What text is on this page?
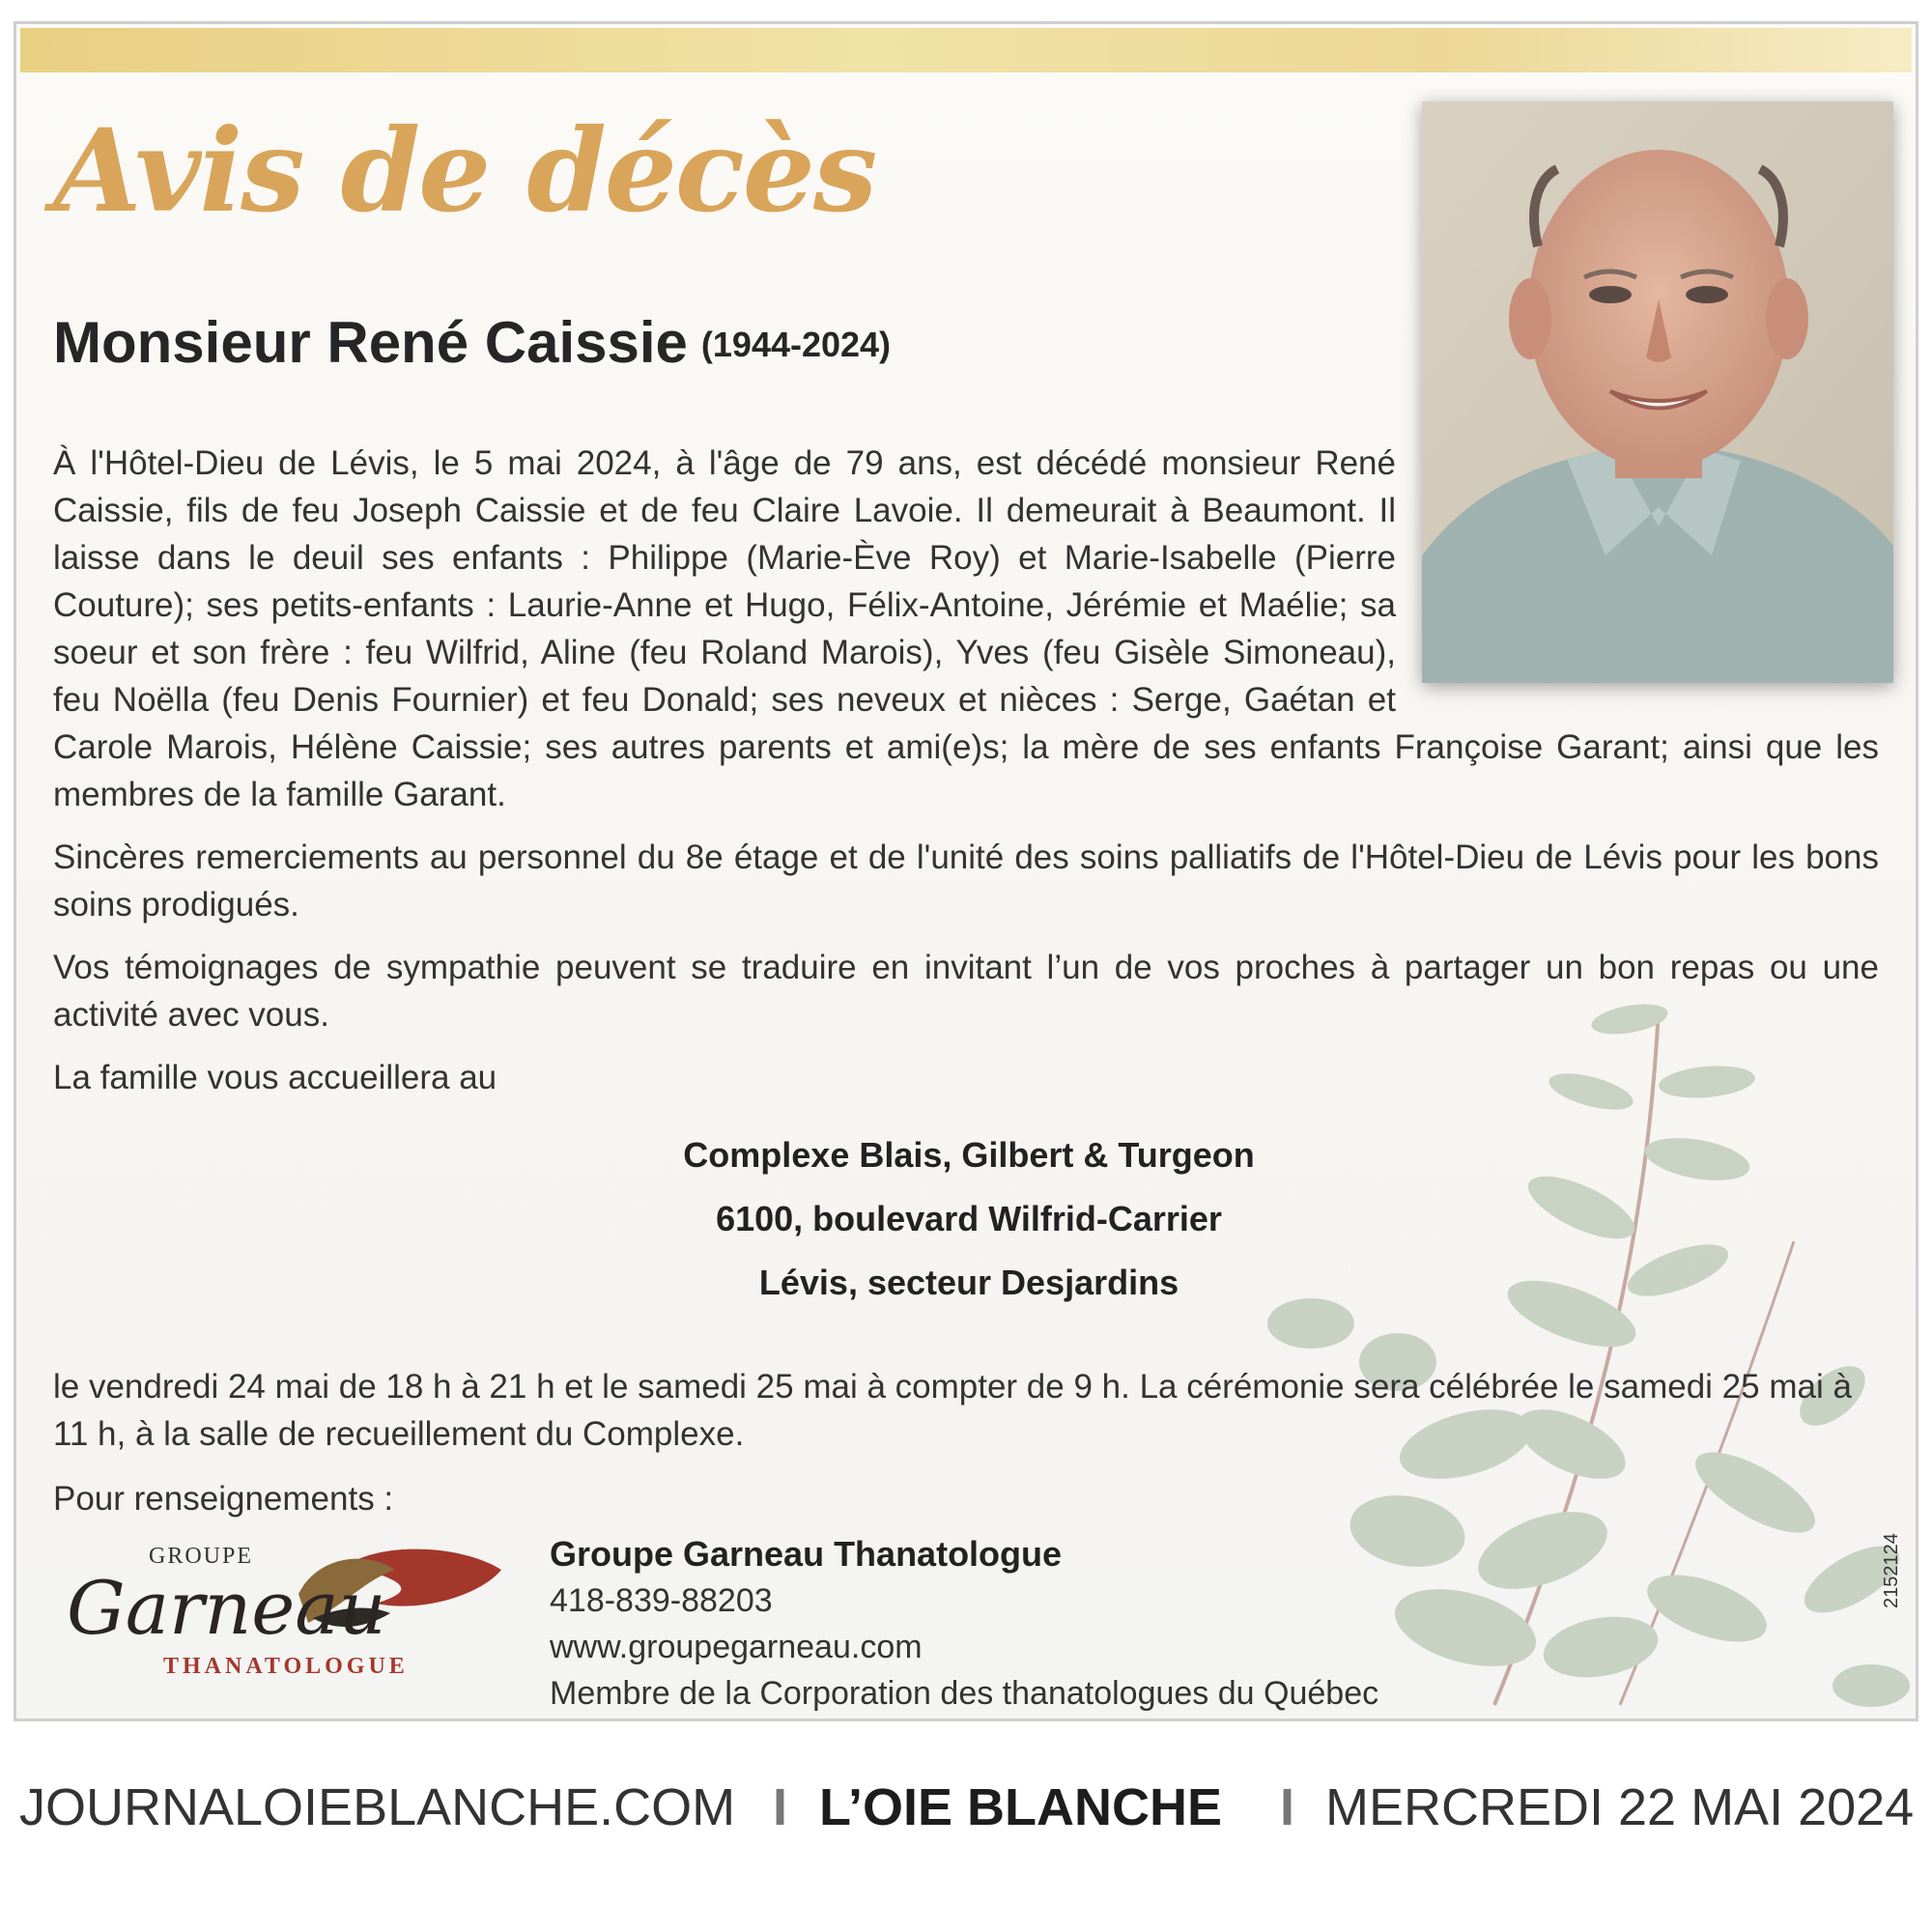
Avis de décès
Monsieur René Caissie (1944-2024)

À l'Hôtel-Dieu de Lévis, le 5 mai 2024, à l'âge de 79 ans, est décédé monsieur René Caissie, fils de feu Joseph Caissie et de feu Claire Lavoie. Il demeurait à Beaumont. Il laisse dans le deuil ses enfants : Philippe (Marie-Ève Roy) et Marie-Isabelle (Pierre Couture); ses petits-enfants : Laurie-Anne et Hugo, Félix-Antoine, Jérémie et Maélie; sa soeur et son frère : feu Wilfrid, Aline (feu Roland Marois), Yves (feu Gisèle Simoneau), feu Noëlla (feu Denis Fournier) et feu Donald; ses neveux et nièces : Serge, Gaétan et Carole Marois, Hélène Caissie; ses autres parents et ami(e)s; la mère de ses enfants Françoise Garant; ainsi que les membres de la famille Garant.

Sincères remerciements au personnel du 8e étage et de l'unité des soins palliatifs de l'Hôtel-Dieu de Lévis pour les bons soins prodigués.

Vos témoignages de sympathie peuvent se traduire en invitant l’un de vos proches à partager un bon repas ou une activité avec vous.

La famille vous accueillera au

Complexe Blais, Gilbert & Turgeon
6100, boulevard Wilfrid-Carrier
Lévis, secteur Desjardins

le vendredi 24 mai de 18 h à 21 h et le samedi 25 mai à compter de 9 h. La cérémonie sera célébrée le samedi 25 mai à 11 h, à la salle de recueillement du Complexe.

Pour renseignements :

GROUPE
Garneau
THANATOLOGUE
Groupe Garneau Thanatologue
418-839-88203
www.groupegarneau.com
Membre de la Corporation des thanatologues du Québec
2152124
JOURNALOIEBLANCHE.COM I L’OIE BLANCHE I MERCREDI 22 MAI 2024
